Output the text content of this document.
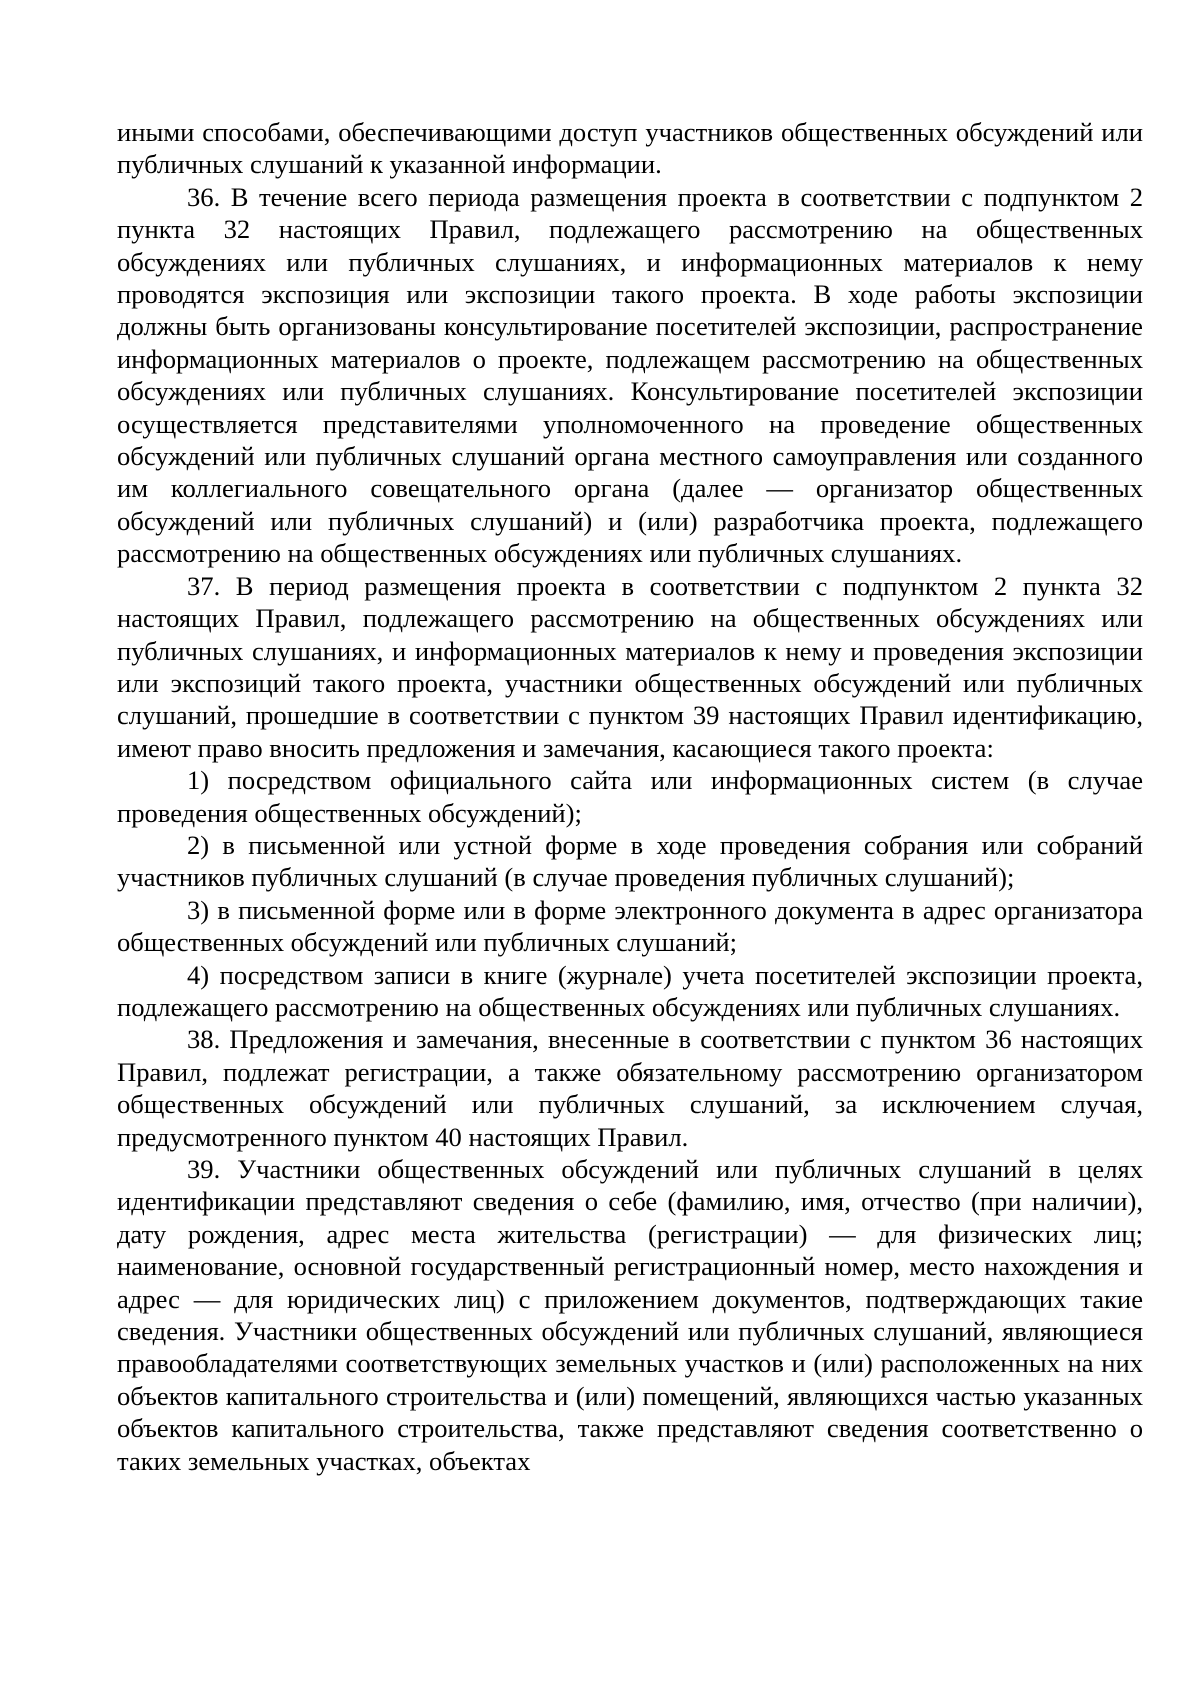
иными способами, обеспечивающими доступ участников общественных обсуждений или публичных слушаний к указанной информации.

36. В течение всего периода размещения проекта в соответствии с подпунктом 2 пункта 32 настоящих Правил, подлежащего рассмотрению на общественных обсуждениях или публичных слушаниях, и информационных материалов к нему проводятся экспозиция или экспозиции такого проекта. В ходе работы экспозиции должны быть организованы консультирование посетителей экспозиции, распространение информационных материалов о проекте, подлежащем рассмотрению на общественных обсуждениях или публичных слушаниях. Консультирование посетителей экспозиции осуществляется представителями уполномоченного на проведение общественных обсуждений или публичных слушаний органа местного самоуправления или созданного им коллегиального совещательного органа (далее — организатор общественных обсуждений или публичных слушаний) и (или) разработчика проекта, подлежащего рассмотрению на общественных обсуждениях или публичных слушаниях.

37. В период размещения проекта в соответствии с подпунктом 2 пункта 32 настоящих Правил, подлежащего рассмотрению на общественных обсуждениях или публичных слушаниях, и информационных материалов к нему и проведения экспозиции или экспозиций такого проекта, участники общественных обсуждений или публичных слушаний, прошедшие в соответствии с пунктом 39 настоящих Правил идентификацию, имеют право вносить предложения и замечания, касающиеся такого проекта:

1) посредством официального сайта или информационных систем (в случае проведения общественных обсуждений);

2) в письменной или устной форме в ходе проведения собрания или собраний участников публичных слушаний (в случае проведения публичных слушаний);

3) в письменной форме или в форме электронного документа в адрес организатора общественных обсуждений или публичных слушаний;

4) посредством записи в книге (журнале) учета посетителей экспозиции проекта, подлежащего рассмотрению на общественных обсуждениях или публичных слушаниях.

38. Предложения и замечания, внесенные в соответствии с пунктом 36 настоящих Правил, подлежат регистрации, а также обязательному рассмотрению организатором общественных обсуждений или публичных слушаний, за исключением случая, предусмотренного пунктом 40 настоящих Правил.

39. Участники общественных обсуждений или публичных слушаний в целях идентификации представляют сведения о себе (фамилию, имя, отчество (при наличии), дату рождения, адрес места жительства (регистрации) — для физических лиц; наименование, основной государственный регистрационный номер, место нахождения и адрес — для юридических лиц) с приложением документов, подтверждающих такие сведения. Участники общественных обсуждений или публичных слушаний, являющиеся правообладателями соответствующих земельных участков и (или) расположенных на них объектов капитального строительства и (или) помещений, являющихся частью указанных объектов капитального строительства, также представляют сведения соответственно о таких земельных участках, объектах
